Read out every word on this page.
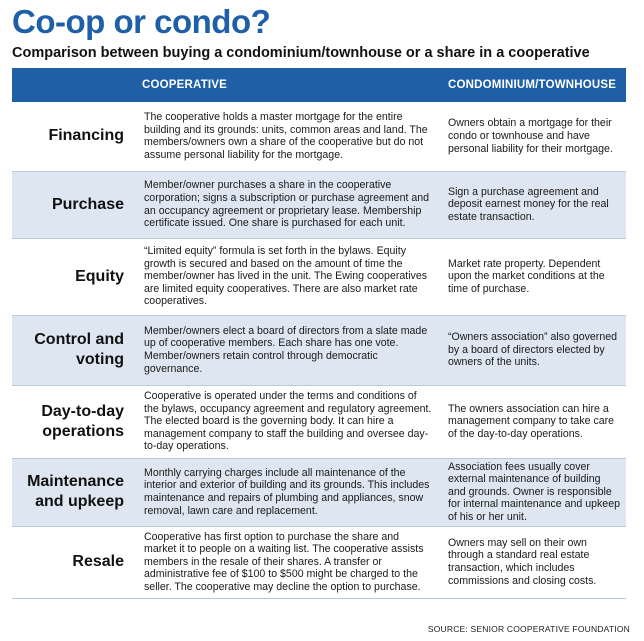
Co-op or condo?
Comparison between buying a condominium/townhouse or a share in a cooperative
	COOPERATIVE	CONDOMINIUM/TOWNHOUSE
Financing	The cooperative holds a master mortgage for the entire building and its grounds: units, common areas and land. The members/owners own a share of the cooperative but do not assume personal liability for the mortgage.	Owners obtain a mortgage for their condo or townhouse and have personal liability for their mortgage.
Purchase	Member/owner purchases a share in the cooperative corporation; signs a subscription or purchase agreement and an occupancy agreement or proprietary lease. Membership certificate issued. One share is purchased for each unit.	Sign a purchase agreement and deposit earnest money for the real estate transaction.
Equity	“Limited equity” formula is set forth in the bylaws. Equity growth is secured and based on the amount of time the member/owner has lived in the unit. The Ewing cooperatives are limited equity cooperatives. There are also market rate cooperatives.	Market rate property. Dependent upon the market conditions at the time of purchase.
Control and voting	Member/owners elect a board of directors from a slate made up of cooperative members. Each share has one vote. Member/owners retain control through democratic governance.	“Owners association” also governed by a board of directors elected by owners of the units.
Day-to-day operations	Cooperative is operated under the terms and conditions of the bylaws, occupancy agreement and regulatory agreement. The elected board is the governing body. It can hire a management company to staff the building and oversee day-to-day operations.	The owners association can hire a management company to take care of the day-to-day operations.
Maintenance and upkeep	Monthly carrying charges include all maintenance of the interior and exterior of building and its grounds. This includes maintenance and repairs of plumbing and appliances, snow removal, lawn care and replacement.	Association fees usually cover external maintenance of building and grounds. Owner is responsible for internal maintenance and upkeep of his or her unit.
Resale	Cooperative has first option to purchase the share and market it to people on a waiting list. The cooperative assists members in the resale of their shares. A transfer or administrative fee of $100 to $500 might be charged to the seller. The cooperative may decline the option to purchase.	Owners may sell on their own through a standard real estate transaction, which includes commissions and closing costs.
SOURCE: SENIOR COOPERATIVE FOUNDATION
